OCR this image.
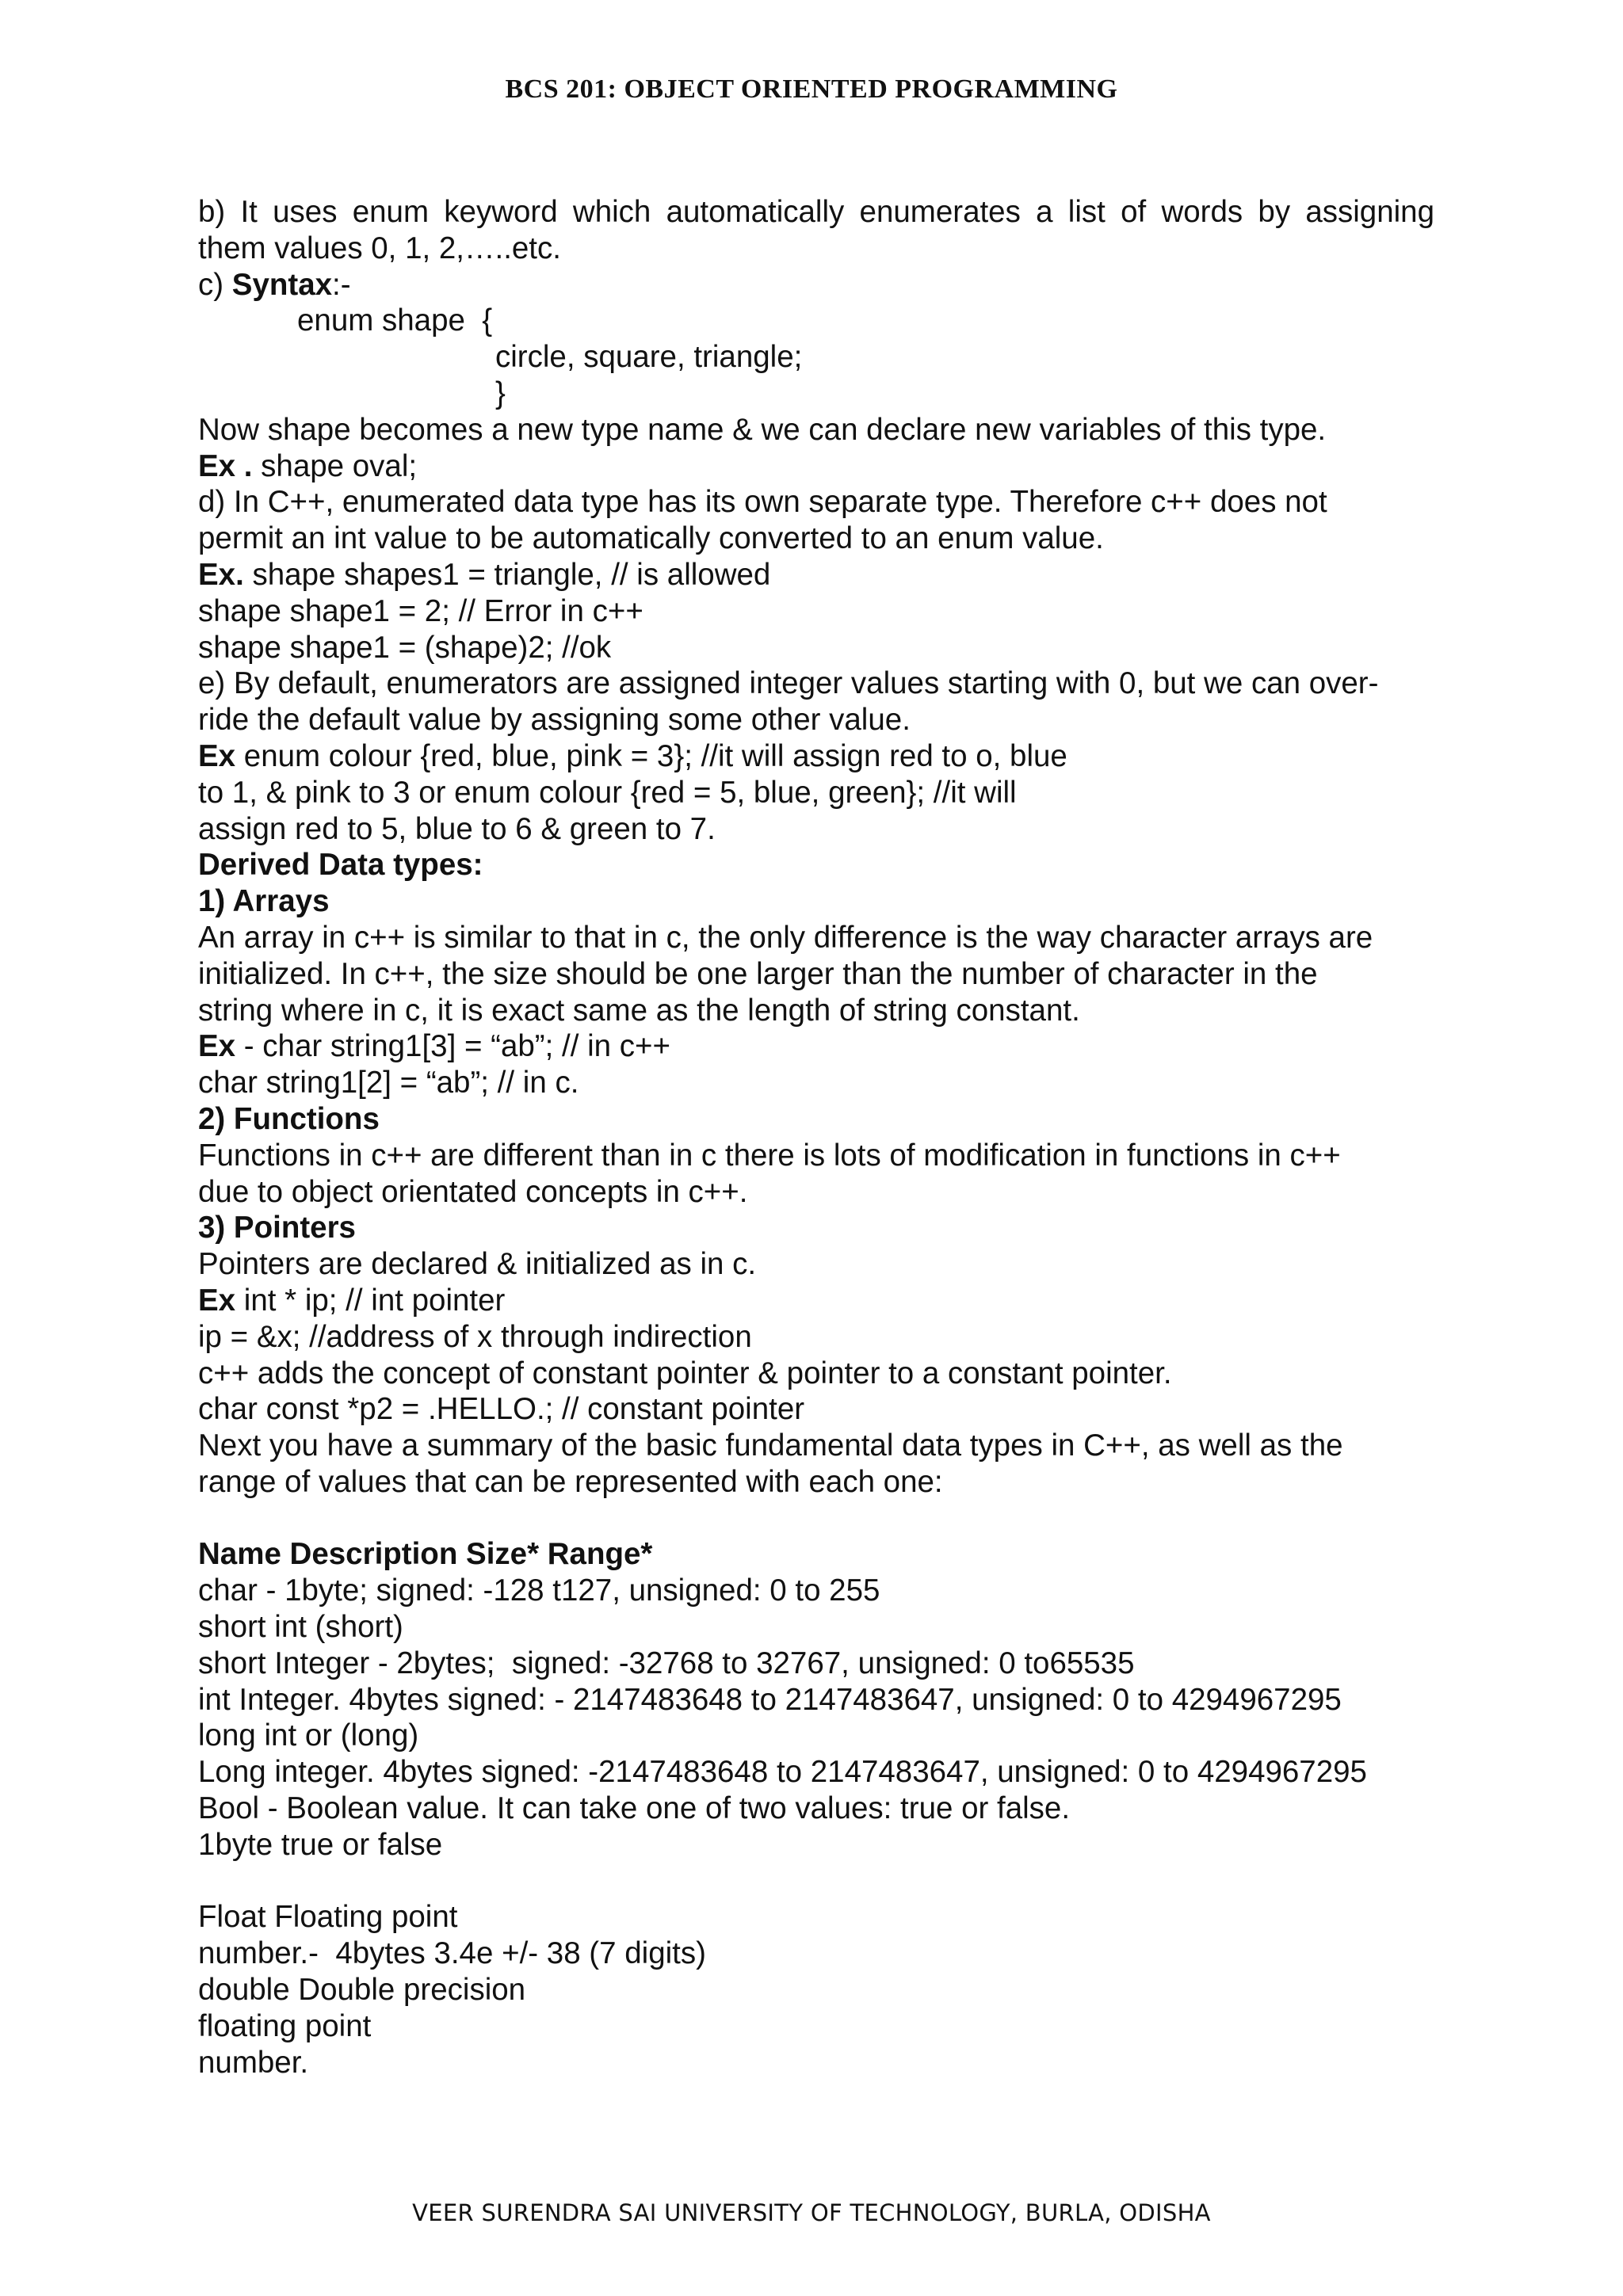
BCS 201: OBJECT ORIENTED PROGRAMMING
b) It uses enum keyword which automatically enumerates a list of words by assigning
them values 0, 1, 2,…..etc.
c) Syntax:-
enum shape  {
circle, square, triangle;
}
Now shape becomes a new type name & we can declare new variables of this type.
Ex . shape oval;
d) In C++, enumerated data type has its own separate type. Therefore c++ does not
permit an int value to be automatically converted to an enum value.
Ex. shape shapes1 = triangle, // is allowed
shape shape1 = 2; // Error in c++
shape shape1 = (shape)2; //ok
e) By default, enumerators are assigned integer values starting with 0, but we can over-
ride the default value by assigning some other value.
Ex enum colour {red, blue, pink = 3}; //it will assign red to o, blue
to 1, & pink to 3 or enum colour {red = 5, blue, green}; //it will
assign red to 5, blue to 6 & green to 7.
Derived Data types:
1) Arrays
An array in c++ is similar to that in c, the only difference is the way character arrays are
initialized. In c++, the size should be one larger than the number of character in the
string where in c, it is exact same as the length of string constant.
Ex - char string1[3] = “ab”; // in c++
char string1[2] = “ab”; // in c.
2) Functions
Functions in c++ are different than in c there is lots of modification in functions in c++
due to object orientated concepts in c++.
3) Pointers
Pointers are declared & initialized as in c.
Ex int * ip; // int pointer
ip = &x; //address of x through indirection
c++ adds the concept of constant pointer & pointer to a constant pointer.
char const *p2 = .HELLO.; // constant pointer
Next you have a summary of the basic fundamental data types in C++, as well as the
range of values that can be represented with each one:
Name Description Size* Range*
char - 1byte; signed: -128 t127, unsigned: 0 to 255
short int (short)
short Integer - 2bytes;  signed: -32768 to 32767, unsigned: 0 to65535
int Integer. 4bytes signed: - 2147483648 to 2147483647, unsigned: 0 to 4294967295
long int or (long)
Long integer. 4bytes signed: -2147483648 to 2147483647, unsigned: 0 to 4294967295
Bool - Boolean value. It can take one of two values: true or false.
1byte true or false
Float Floating point
number.-  4bytes 3.4e +/- 38 (7 digits)
double Double precision
floating point
number.
VEER SURENDRA SAI UNIVERSITY OF TECHNOLOGY, BURLA, ODISHA
